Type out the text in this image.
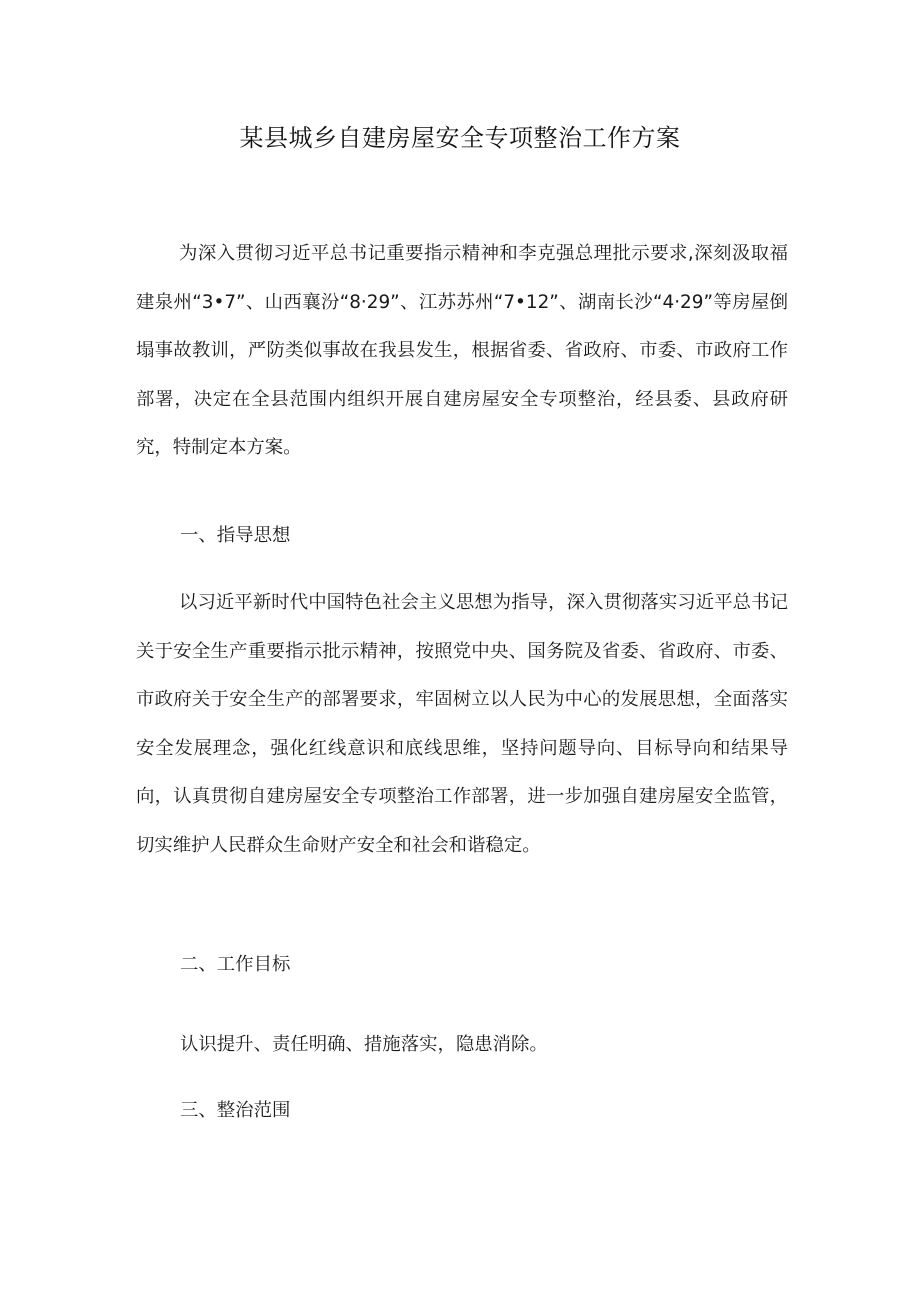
某县城乡自建房屋安全专项整治工作方案
为深入贯彻习近平总书记重要指示精神和李克强总理批示要求,深刻汲取福建泉州“3•7”、山西襄汾“8·29”、江苏苏州“7•12”、湖南长沙“4·29”等房屋倒塌事故教训，严防类似事故在我县发生，根据省委、省政府、市委、市政府工作部署，决定在全县范围内组织开展自建房屋安全专项整治，经县委、县政府研究，特制定本方案。
一、指导思想
以习近平新时代中国特色社会主义思想为指导，深入贯彻落实习近平总书记关于安全生产重要指示批示精神，按照党中央、国务院及省委、省政府、市委、市政府关于安全生产的部署要求，牢固树立以人民为中心的发展思想，全面落实安全发展理念，强化红线意识和底线思维，坚持问题导向、目标导向和结果导向，认真贯彻自建房屋安全专项整治工作部署，进一步加强自建房屋安全监管，切实维护人民群众生命财产安全和社会和谐稳定。
二、工作目标
认识提升、责任明确、措施落实，隐患消除。
三、整治范围
